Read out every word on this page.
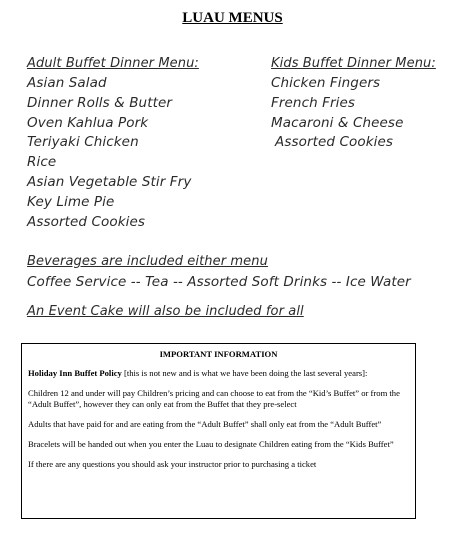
LUAU MENUS
Adult Buffet Dinner Menu:
Asian Salad
Dinner Rolls & Butter
Oven Kahlua Pork
Teriyaki Chicken
Rice
Asian Vegetable Stir Fry
Key Lime Pie
Assorted Cookies
Kids Buffet Dinner Menu:
Chicken Fingers
French Fries
Macaroni & Cheese
Assorted Cookies
Beverages are included either menu
Coffee Service -- Tea -- Assorted Soft Drinks -- Ice Water
An Event Cake will also be included for all
IMPORTANT INFORMATION

Holiday Inn Buffet Policy [this is not new and is what we have been doing the last several years]:

Children 12 and under will pay Children’s pricing and can choose to eat from the “Kid’s Buffet” or from the “Adult Buffet”, however they can only eat from the Buffet that they pre-select

Adults that have paid for and are eating from the “Adult Buffet” shall only eat from the “Adult Buffet”

Bracelets will be handed out when you enter the Luau to designate Children eating from the “Kids Buffet”

If there are any questions you should ask your instructor prior to purchasing a ticket
